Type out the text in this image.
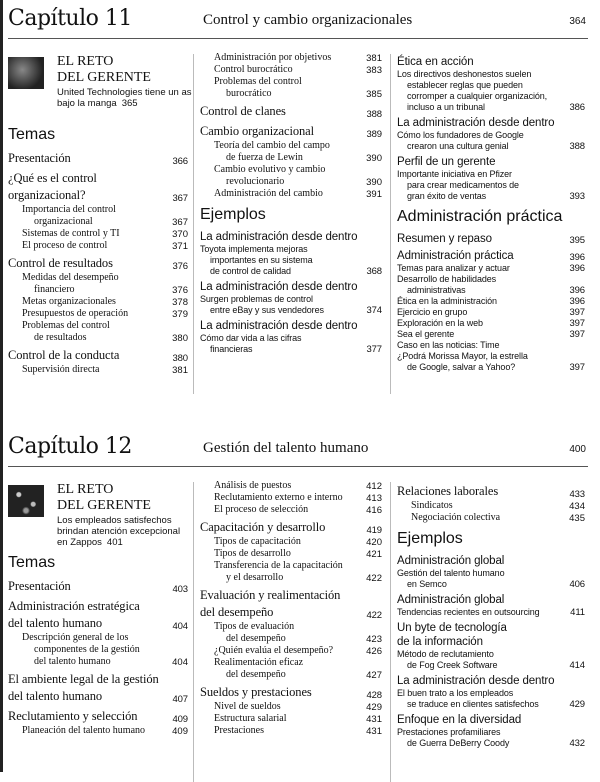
Capítulo 11	Control y cambio organizacionales	364
EL RETO
DEL GERENTE
United Technologies tiene un as bajo la manga 365
Temas
Presentación	366
¿Qué es el control
organizacional?	367
Importancia del control
organizacional	367
Sistemas de control y TI	370
El proceso de control	371
Control de resultados	376
Medidas del desempeño
financiero	376
Metas organizacionales	378
Presupuestos de operación	379
Problemas del control
de resultados	380
Control de la conducta	380
Supervisión directa	381
Administración por objetivos	381
Control burocrático	383
Problemas del control
burocrático	385
Control de clanes	388
Cambio organizacional	389
Teoría del cambio del campo
de fuerza de Lewin	390
Cambio evolutivo y cambio
revolucionario	390
Administración del cambio	391
Ejemplos
La administración desde dentro
Toyota implementa mejoras
importantes en su sistema
de control de calidad	368
La administración desde dentro
Surgen problemas de control
entre eBay y sus vendedores	374
La administración desde dentro
Cómo dar vida a las cifras
financieras	377
Ética en acción
Los directivos deshonestos suelen
establecer reglas que pueden
corromper a cualquier organización,
incluso a un tribunal	386
La administración desde dentro
Cómo los fundadores de Google
crearon una cultura genial	388
Perfil de un gerente
Importante iniciativa en Pfizer
para crear medicamentos de
gran éxito de ventas	393
Administración práctica
Resumen y repaso	395
Administración práctica	396
Temas para analizar y actuar	396
Desarrollo de habilidades
administrativas	396
Ética en la administración	396
Ejercicio en grupo	397
Exploración en la web	397
Sea el gerente	397
Caso en las noticias: Time
¿Podrá Morissa Mayor, la estrella
de Google, salvar a Yahoo?	397
Capítulo 12	Gestión del talento humano	400
EL RETO
DEL GERENTE
Los empleados satisfechos brindan atención excepcional en Zappos 401
Temas
Presentación	403
Administración estratégica
del talento humano	404
Descripción general de los
componentes de la gestión
del talento humano	404
El ambiente legal de la gestión
del talento humano	407
Reclutamiento y selección	409
Planeación del talento humano	409
Análisis de puestos	412
Reclutamiento externo e interno 413
El proceso de selección	416
Capacitación y desarrollo	419
Tipos de capacitación	420
Tipos de desarrollo	421
Transferencia de la capacitación
y el desarrollo	422
Evaluación y realimentación
del desempeño	422
Tipos de evaluación
del desempeño	423
¿Quién evalúa el desempeño?	426
Realimentación eficaz
del desempeño	427
Sueldos y prestaciones	428
Nivel de sueldos	429
Estructura salarial	431
Prestaciones	431
Relaciones laborales	433
Sindicatos	434
Negociación colectiva	435
Ejemplos
Administración global
Gestión del talento humano
en Semco	406
Administración global
Tendencias recientes en outsourcing	411
Un byte de tecnología
de la información
Método de reclutamiento
de Fog Creek Software	414
La administración desde dentro
El buen trato a los empleados
se traduce en clientes satisfechos	429
Enfoque en la diversidad
Prestaciones profamiliares
de Guerra DeBerry Coody	432
